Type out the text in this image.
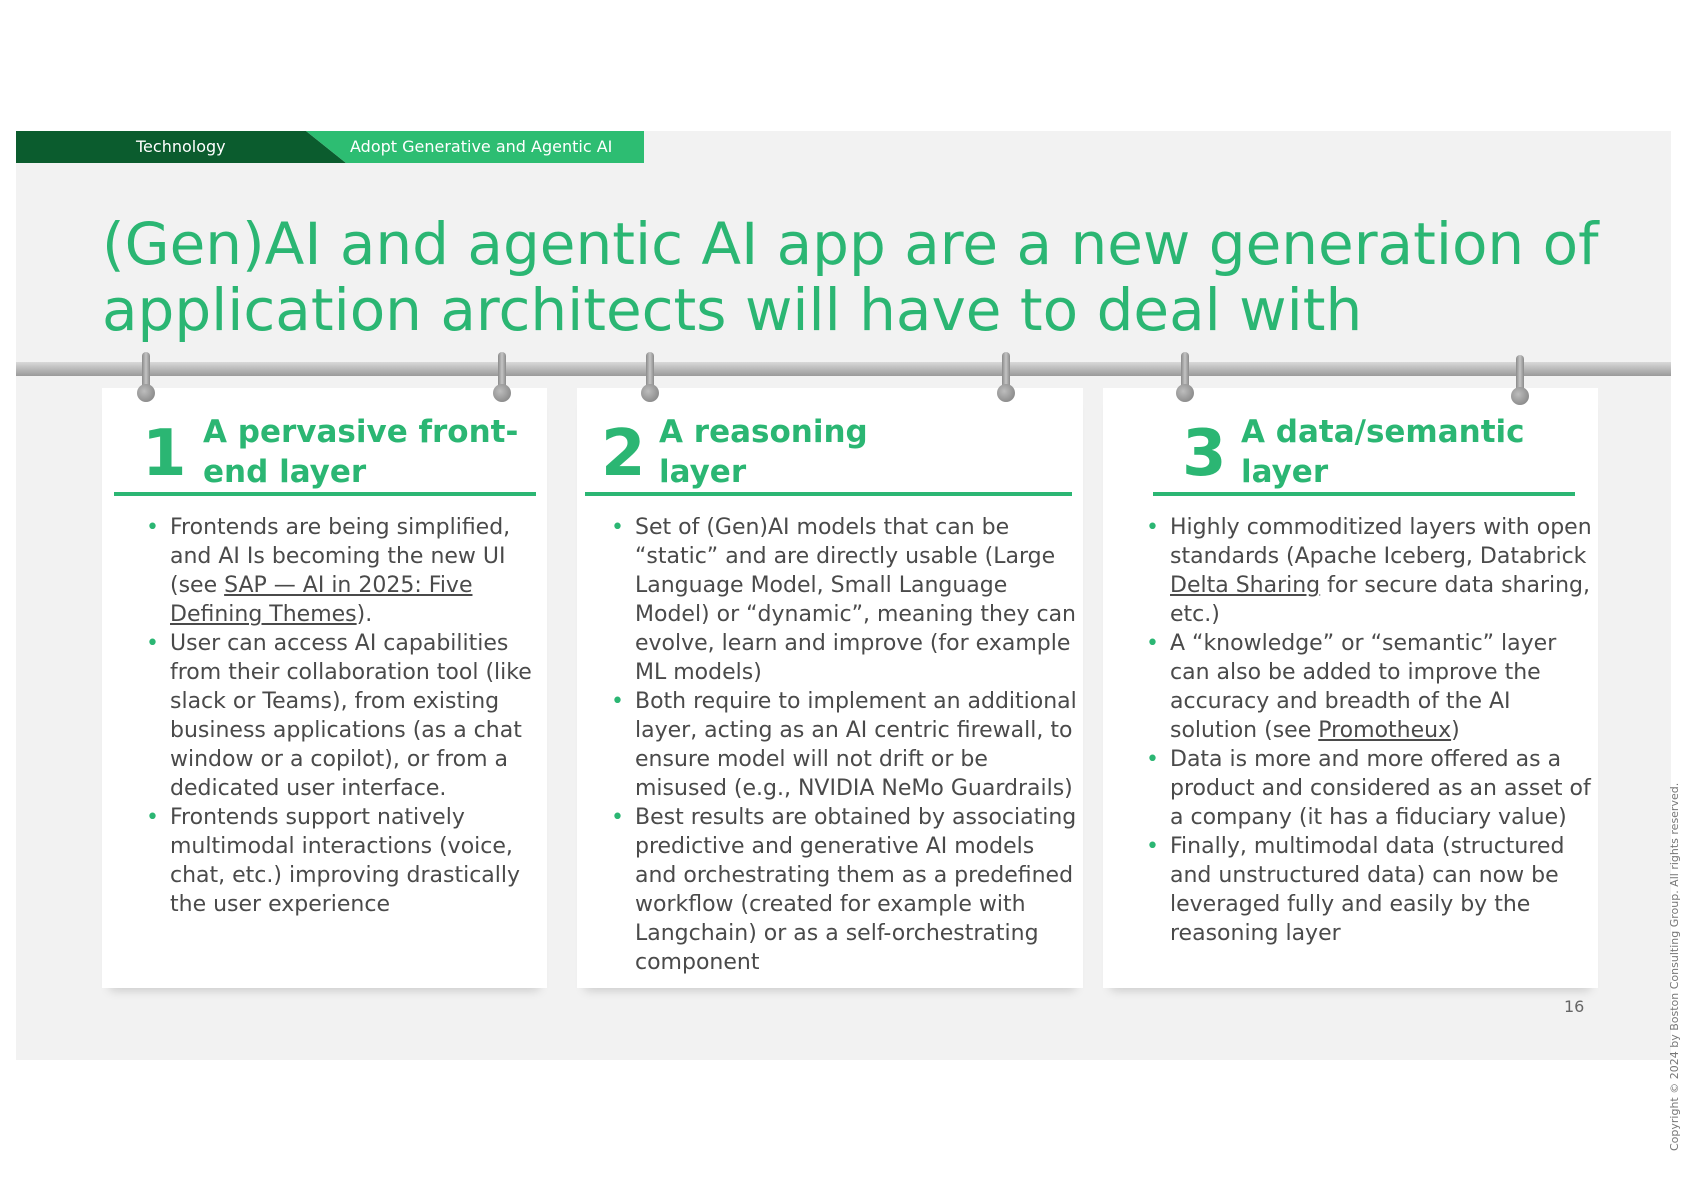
Technology	Adopt Generative and Agentic AI
(Gen)AI and agentic AI app are a new generation of
application architects will have to deal with
1 A pervasive front-
end layer
• Frontends are being simplified, and AI Is becoming the new UI (see SAP — AI in 2025: Five Defining Themes).
• User can access AI capabilities from their collaboration tool (like slack or Teams), from existing business applications (as a chat window or a copilot), or from a dedicated user interface.
• Frontends support natively multimodal interactions (voice, chat, etc.) improving drastically the user experience
2 A reasoning
layer
• Set of (Gen)AI models that can be “static” and are directly usable (Large Language Model, Small Language Model) or “dynamic”, meaning they can evolve, learn and improve (for example ML models)
• Both require to implement an additional layer, acting as an AI centric firewall, to ensure model will not drift or be misused (e.g., NVIDIA NeMo Guardrails)
• Best results are obtained by associating predictive and generative AI models and orchestrating them as a predefined workflow (created for example with Langchain) or as a self-orchestrating component
3 A data/semantic
layer
• Highly commoditized layers with open standards (Apache Iceberg, Databrick Delta Sharing for secure data sharing, etc.)
• A “knowledge” or “semantic” layer can also be added to improve the accuracy and breadth of the AI solution (see Promotheux)
• Data is more and more offered as a product and considered as an asset of a company (it has a fiduciary value)
• Finally, multimodal data (structured and unstructured data) can now be leveraged fully and easily by the reasoning layer
16	Copyright © 2024 by Boston Consulting Group. All rights reserved.
